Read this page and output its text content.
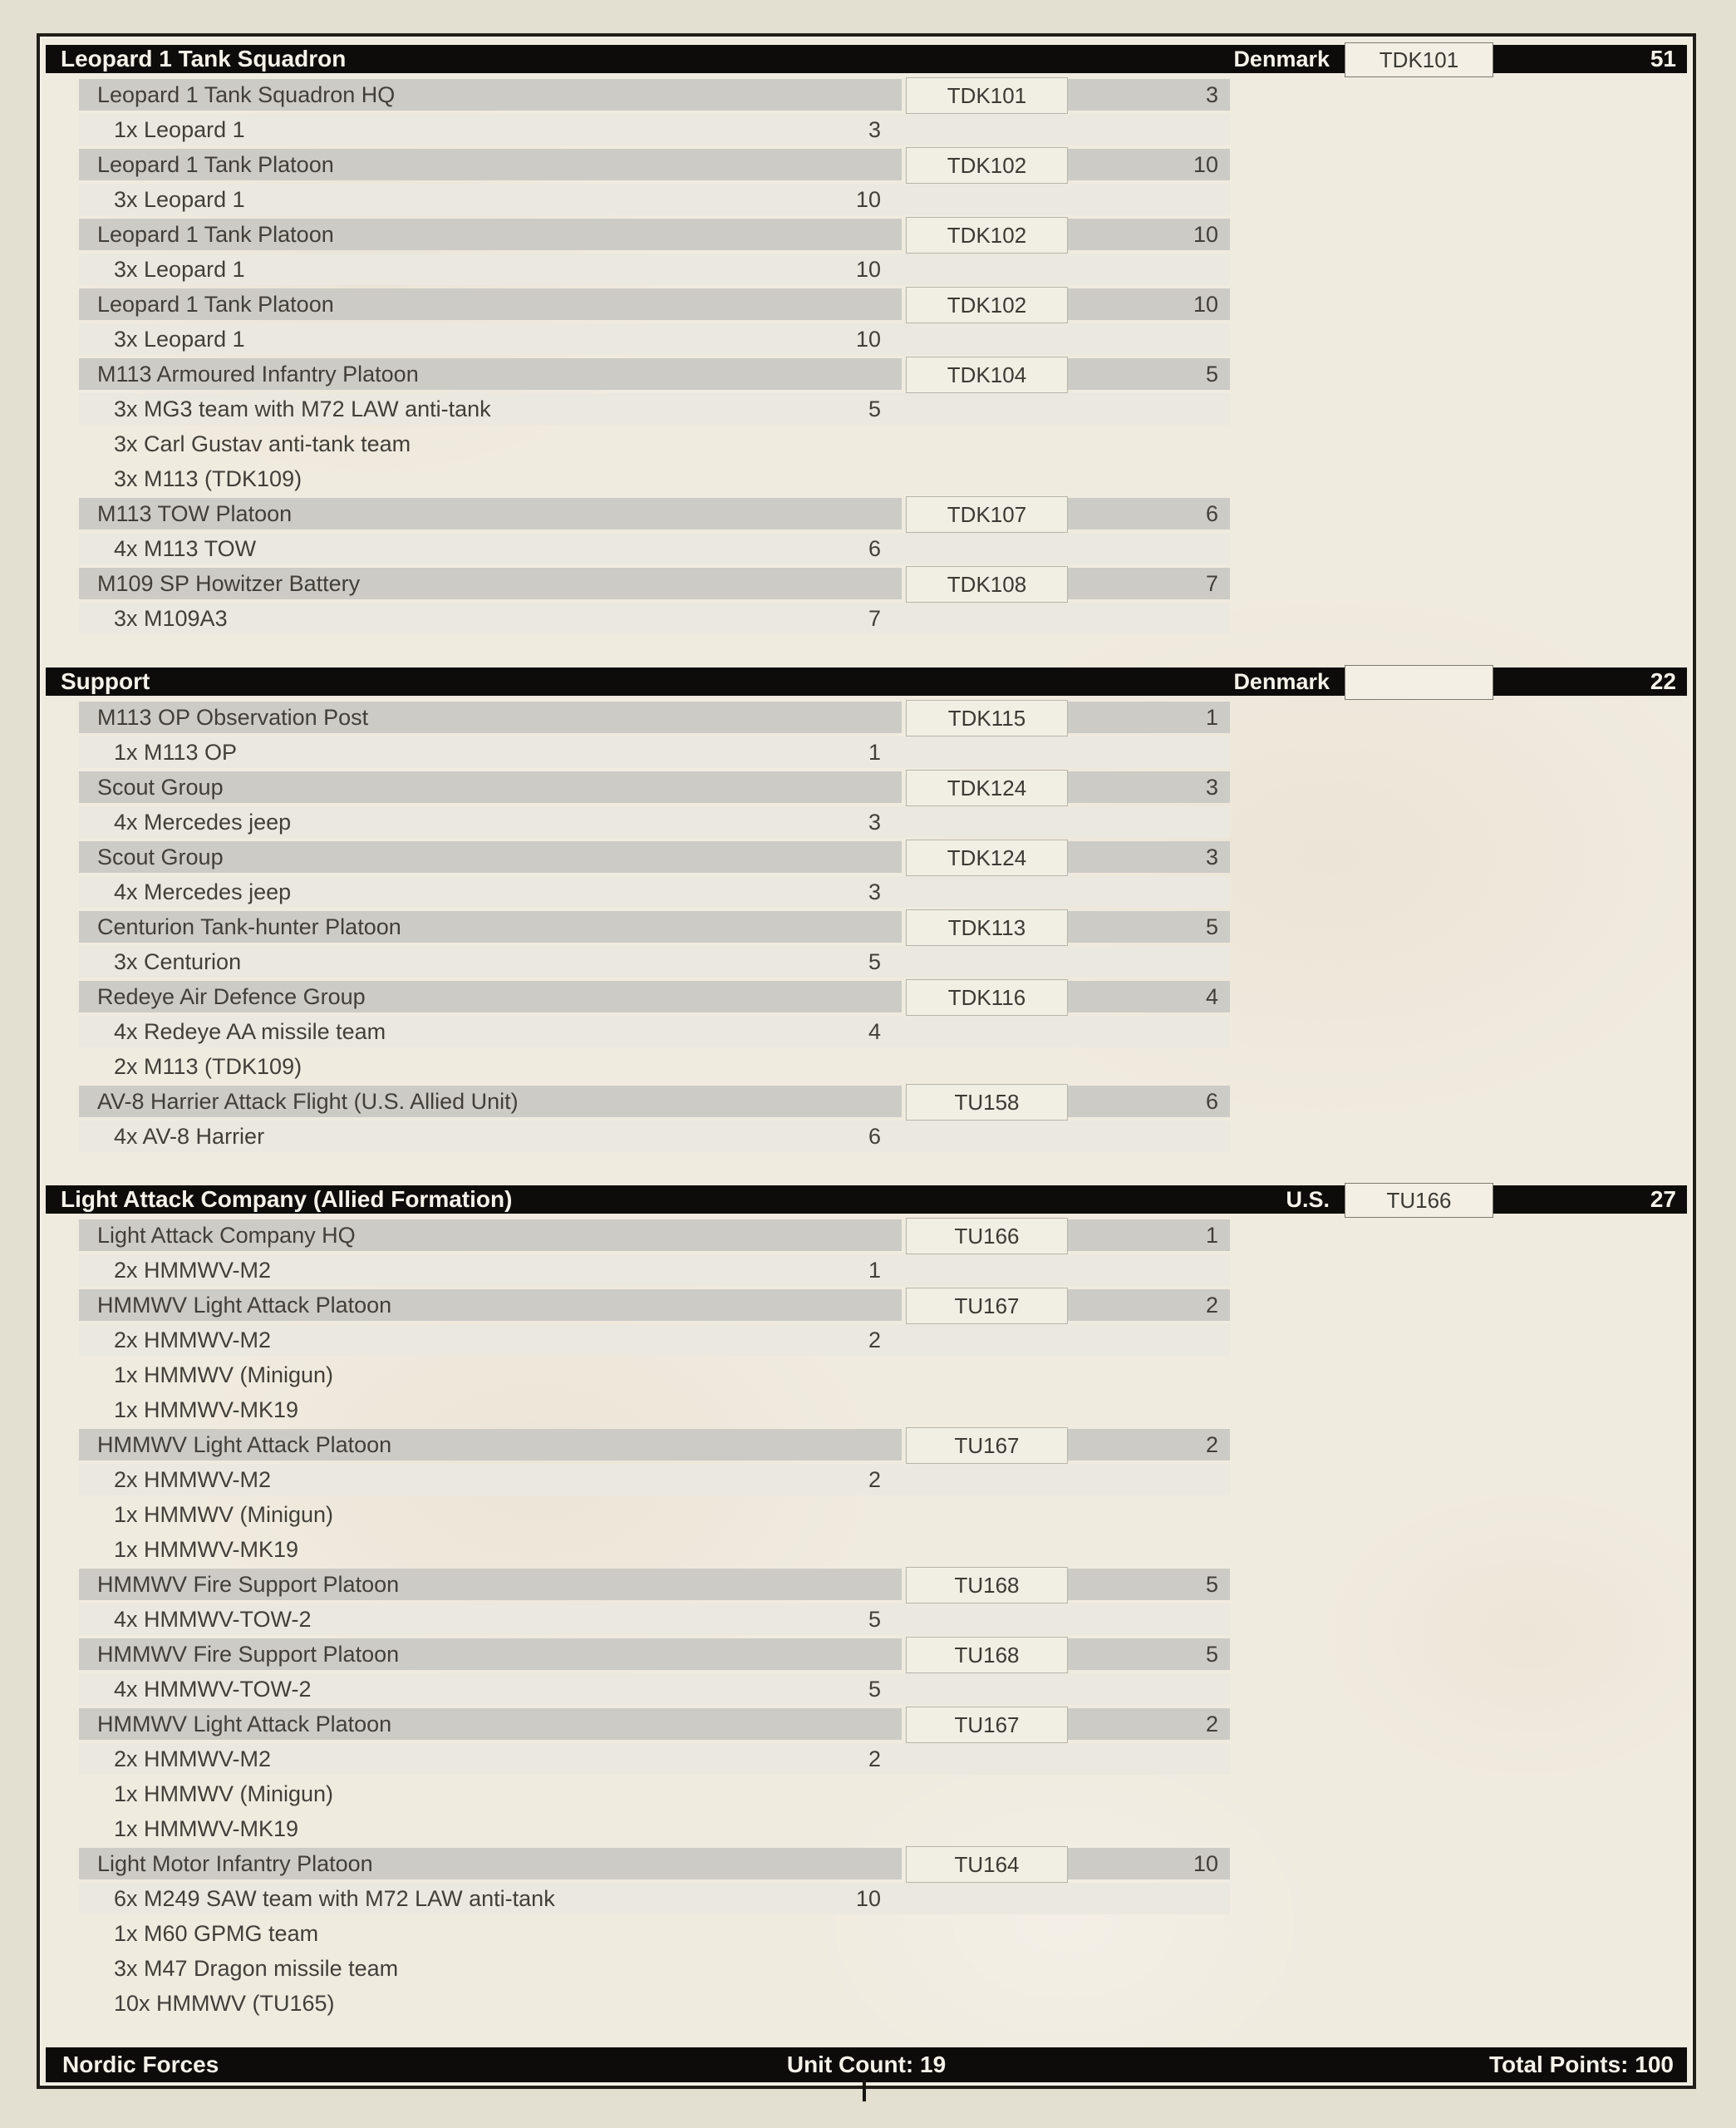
Leopard 1 Tank Squadron	Denmark	TDK101	51
Leopard 1 Tank Squadron HQ	TDK101	3
1x Leopard 1	3
Leopard 1 Tank Platoon	TDK102	10
3x Leopard 1	10
Leopard 1 Tank Platoon	TDK102	10
3x Leopard 1	10
Leopard 1 Tank Platoon	TDK102	10
3x Leopard 1	10
M113 Armoured Infantry Platoon	TDK104	5
3x MG3 team with M72 LAW anti-tank	5
3x Carl Gustav anti-tank team
3x M113 (TDK109)
M113 TOW Platoon	TDK107	6
4x M113 TOW	6
M109 SP Howitzer Battery	TDK108	7
3x M109A3	7
Support	Denmark	22
M113 OP Observation Post	TDK115	1
1x M113 OP	1
Scout Group	TDK124	3
4x Mercedes jeep	3
Scout Group	TDK124	3
4x Mercedes jeep	3
Centurion Tank-hunter Platoon	TDK113	5
3x Centurion	5
Redeye Air Defence Group	TDK116	4
4x Redeye AA missile team	4
2x M113 (TDK109)
AV-8 Harrier Attack Flight (U.S. Allied Unit)	TU158	6
4x AV-8 Harrier	6
Light Attack Company (Allied Formation)	U.S.	TU166	27
Light Attack Company HQ	TU166	1
2x HMMWV-M2	1
HMMWV Light Attack Platoon	TU167	2
2x HMMWV-M2	2
1x HMMWV (Minigun)
1x HMMWV-MK19
HMMWV Light Attack Platoon	TU167	2
2x HMMWV-M2	2
1x HMMWV (Minigun)
1x HMMWV-MK19
HMMWV Fire Support Platoon	TU168	5
4x HMMWV-TOW-2	5
HMMWV Fire Support Platoon	TU168	5
4x HMMWV-TOW-2	5
HMMWV Light Attack Platoon	TU167	2
2x HMMWV-M2	2
1x HMMWV (Minigun)
1x HMMWV-MK19
Light Motor Infantry Platoon	TU164	10
6x M249 SAW team with M72 LAW anti-tank	10
1x M60 GPMG team
3x M47 Dragon missile team
10x HMMWV (TU165)
Nordic Forces	Unit Count: 19	Total Points: 100
